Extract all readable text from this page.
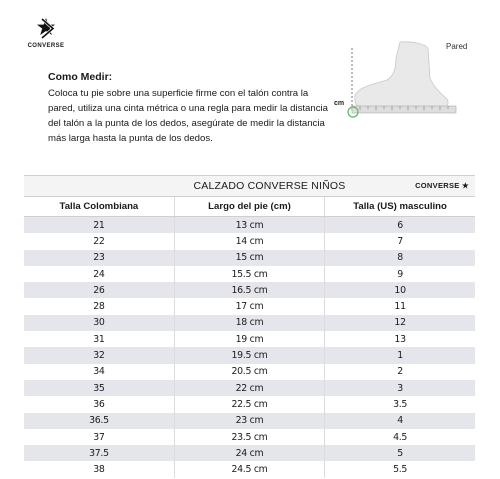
CONVERSE
Como Medir:
Coloca tu pie sobre una superficie firme con el talón contra la pared, utiliza una cinta métrica o una regla para medir la distancia del talón a la punta de los dedos, asegúrate de medir la distancia más larga hasta la punta de los dedos.
cm
Pared
CALZADO CONVERSE NIÑOS CONVERSE ★		

Talla Colombiana	Largo del pie (cm)	Talla (US) masculino
21	13 cm	6
22	14 cm	7
23	15 cm	8
24	15.5 cm	9
26	16.5 cm	10
28	17 cm	11
30	18 cm	12
31	19 cm	13
32	19.5 cm	1
34	20.5 cm	2
35	22 cm	3
36	22.5 cm	3.5
36.5	23 cm	4
37	23.5 cm	4.5
37.5	24 cm	5
38	24.5 cm	5.5
